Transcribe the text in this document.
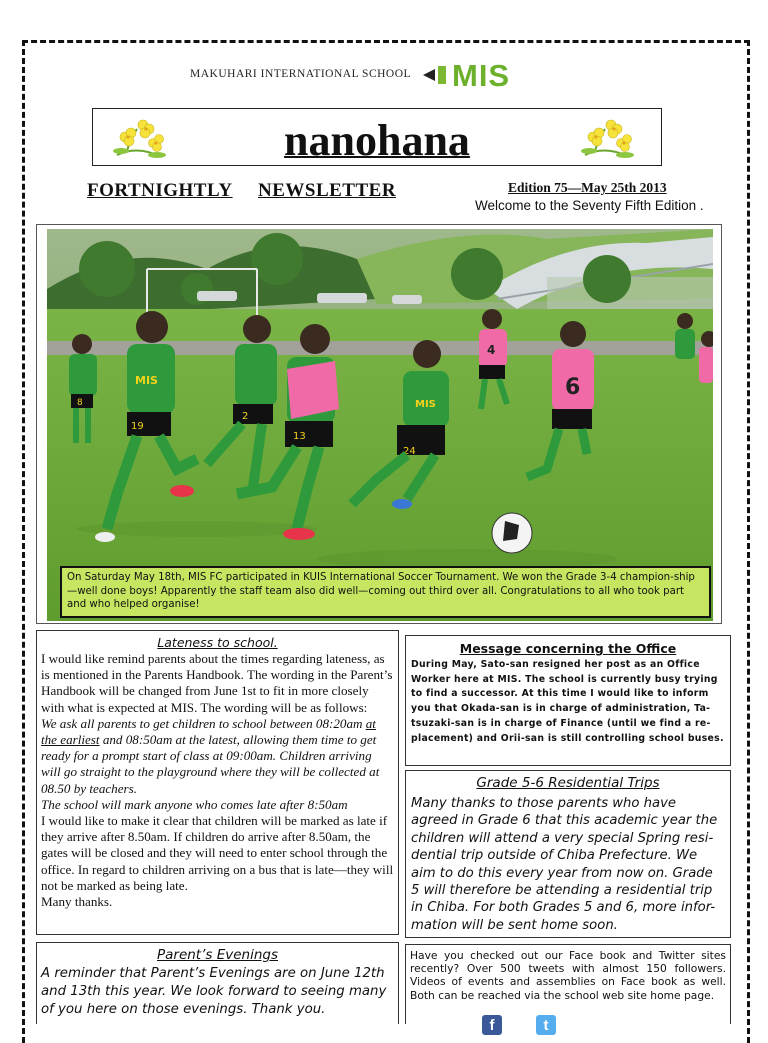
MAKUHARI INTERNATIONAL SCHOOL MIS
nanohana
FORTNIGHTLY NEWSLETTER	Edition 75—May 25th 2013
Welcome to the Seventy Fifth Edition .
8
MIS
19
2
13
MIS
24
4
6
On Saturday May 18th, MIS FC participated in KUIS International Soccer Tournament. We won the Grade 3-4 champion-ship—well done boys! Apparently the staff team also did well—coming out third over all. Congratulations to all who took part and who helped organise!
Lateness to school.
I would like remind parents about the times regarding lateness, as is mentioned in the Parents Handbook. The wording in the Parent’s Handbook will be changed from June 1st to fit in more closely with what is expected at MIS. The wording will be as follows:
We ask all parents to get children to school between 08:20am at the earliest and 08:50am at the latest, allowing them time to get ready for a prompt start of class at 09:00am. Children arriving will go straight to the playground where they will be collected at 08.50 by teachers.
The school will mark anyone who comes late after 8:50am
I would like to make it clear that children will be marked as late if they arrive after 8.50am. If children do arrive after 8.50am, the gates will be closed and they will need to enter school through the office. In regard to children arriving on a bus that is late—they will not be marked as being late.
Many thanks.
Message concerning the Office
During May, Sato-san resigned her post as an Office Worker here at MIS. The school is currently busy trying to find a successor. At this time I would like to inform you that Okada-san is in charge of administration, Ta-tsuzaki-san is in charge of Finance (until we find a re-placement) and Orii-san is still controlling school buses.
Grade 5-6 Residential Trips
Many thanks to those parents who have agreed in Grade 6 that this academic year the children will attend a very special Spring resi-dential trip outside of Chiba Prefecture. We aim to do this every year from now on. Grade 5 will therefore be attending a residential trip in Chiba. For both Grades 5 and 6, more infor-mation will be sent home soon.
Parent’s Evenings
A reminder that Parent’s Evenings are on June 12th and 13th this year. We look forward to seeing many of you here on those evenings. Thank you.
Have you checked out our Face book and Twitter sites recently? Over 500 tweets with almost 150 followers. Videos of events and assemblies on Face book as well. Both can be reached via the school web site home page.
f	t
